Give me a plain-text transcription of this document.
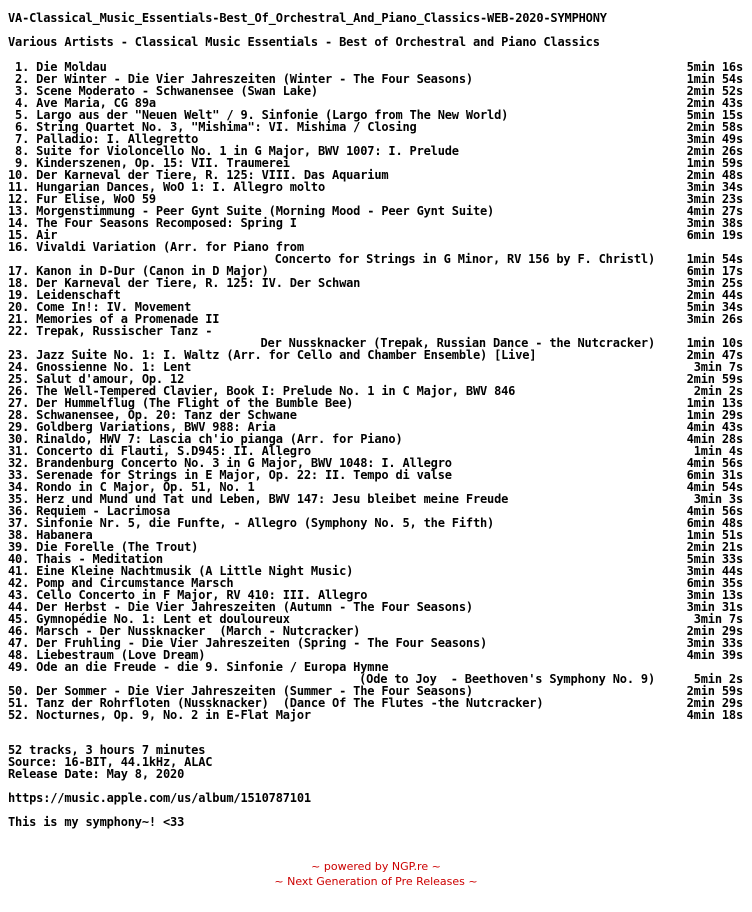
VA-Classical_Music_Essentials-Best_Of_Orchestral_And_Piano_Classics-WEB-2020-SYMPHONY

Various Artists - Classical Music Essentials - Best of Orchestral and Piano Classics

1. Die Moldau	5min 16s
2. Der Winter - Die Vier Jahreszeiten (Winter - The Four Seasons)	1min 54s
3. Scene Moderato - Schwanensee (Swan Lake)	2min 52s
4. Ave Maria, CG 89a	2min 43s
5. Largo aus der "Neuen Welt" / 9. Sinfonie (Largo from The New World)	5min 15s
6. String Quartet No. 3, "Mishima": VI. Mishima / Closing	2min 58s
7. Palladio: I. Allegretto	3min 49s
8. Suite for Violoncello No. 1 in G Major, BWV 1007: I. Prelude	2min 26s
9. Kinderszenen, Op. 15: VII. Traumerei	1min 59s
10. Der Karneval der Tiere, R. 125: VIII. Das Aquarium	2min 48s
11. Hungarian Dances, WoO 1: I. Allegro molto	3min 34s
12. Fur Elise, WoO 59	3min 23s
13. Morgenstimmung - Peer Gynt Suite (Morning Mood - Peer Gynt Suite)	4min 27s
14. The Four Seasons Recomposed: Spring I	3min 38s
15. Air	6min 19s
16. Vivaldi Variation (Arr. for Piano from
Concerto for Strings in G Minor, RV 156 by F. Christl)	1min 54s
17. Kanon in D-Dur (Canon in D Major)	6min 17s
18. Der Karneval der Tiere, R. 125: IV. Der Schwan	3min 25s
19. Leidenschaft	2min 44s
20. Come In!: IV. Movement	5min 34s
21. Memories of a Promenade II	3min 26s
22. Trepak, Russischer Tanz -
Der Nussknacker (Trepak, Russian Dance - the Nutcracker)	1min 10s
23. Jazz Suite No. 1: I. Waltz (Arr. for Cello and Chamber Ensemble) [Live]	2min 47s
24. Gnossienne No. 1: Lent	3min 7s
25. Salut d'amour, Op. 12	2min 59s
26. The Well-Tempered Clavier, Book I: Prelude No. 1 in C Major, BWV 846	2min 2s
27. Der Hummelflug (The Flight of the Bumble Bee)	1min 13s
28. Schwanensee, Op. 20: Tanz der Schwane	1min 29s
29. Goldberg Variations, BWV 988: Aria	4min 43s
30. Rinaldo, HWV 7: Lascia ch'io pianga (Arr. for Piano)	4min 28s
31. Concerto di Flauti, S.D945: II. Allegro	1min 4s
32. Brandenburg Concerto No. 3 in G Major, BWV 1048: I. Allegro	4min 56s
33. Serenade for Strings in E Major, Op. 22: II. Tempo di valse	6min 31s
34. Rondo in C Major, Op. 51, No. 1	4min 54s
35. Herz und Mund und Tat und Leben, BWV 147: Jesu bleibet meine Freude	3min 3s
36. Requiem - Lacrimosa	4min 56s
37. Sinfonie Nr. 5, die Funfte, - Allegro (Symphony No. 5, the Fifth)	6min 48s
38. Habanera	1min 51s
39. Die Forelle (The Trout)	2min 21s
40. Thais - Meditation	5min 33s
41. Eine Kleine Nachtmusik (A Little Night Music)	3min 44s
42. Pomp and Circumstance Marsch	6min 35s
43. Cello Concerto in F Major, RV 410: III. Allegro	3min 13s
44. Der Herbst - Die Vier Jahreszeiten (Autumn - The Four Seasons)	3min 31s
45. Gymnopédie No. 1: Lent et douloureux	3min 7s
46. Marsch - Der Nussknacker  (March - Nutcracker)	2min 29s
47. Der Fruhling - Die Vier Jahreszeiten (Spring - The Four Seasons)	3min 33s
48. Liebestraum (Love Dream)	4min 39s
49. Ode an die Freude - die 9. Sinfonie / Europa Hymne
(Ode to Joy  - Beethoven's Symphony No. 9)	5min 2s
50. Der Sommer - Die Vier Jahreszeiten (Summer - The Four Seasons)	2min 59s
51. Tanz der Rohrfloten (Nussknacker)  (Dance Of The Flutes -the Nutcracker)	2min 29s
52. Nocturnes, Op. 9, No. 2 in E-Flat Major	4min 18s

52 tracks, 3 hours 7 minutes
Source: 16-BIT, 44.1kHz, ALAC
Release Date: May 8, 2020

https://music.apple.com/us/album/1510787101

This is my symphony~! <33
~ powered by NGP.re ~
~ Next Generation of Pre Releases ~
